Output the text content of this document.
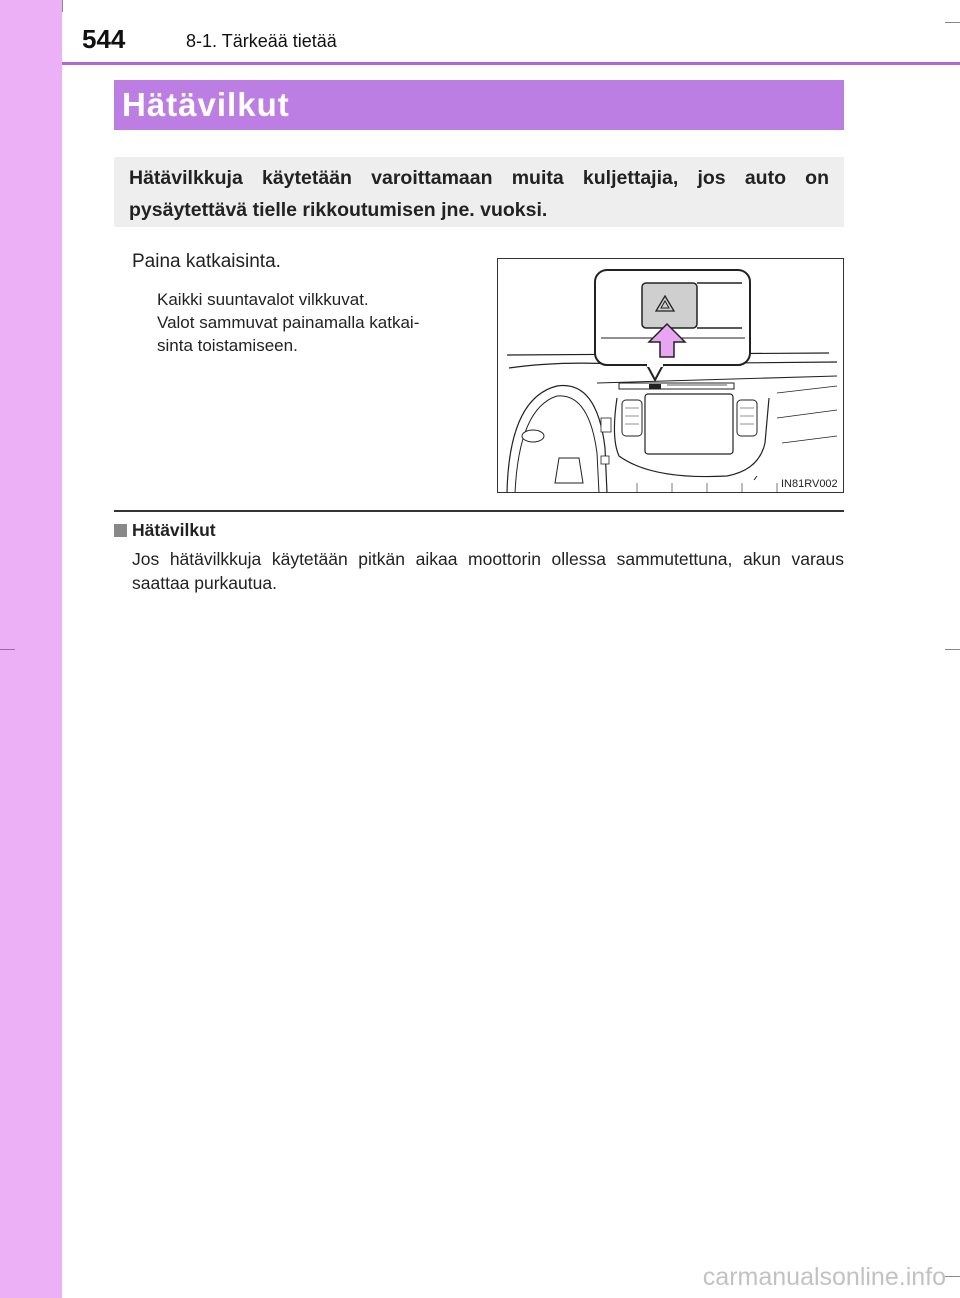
544	8-1. Tärkeää tietää
Hätävilkut
Hätävilkkuja käytetään varoittamaan muita kuljettajia, jos auto on pysäytettävä tielle rikkoutumisen jne. vuoksi.
Paina katkaisinta.
Kaikki suuntavalot vilkkuvat.
Valot sammuvat painamalla katkai-
sinta toistamiseen.
IN81RV002
Hätävilkut
Jos hätävilkkuja käytetään pitkän aikaa moottorin ollessa sammutettuna, akun varaus saattaa purkautua.
carmanualsonline.info
